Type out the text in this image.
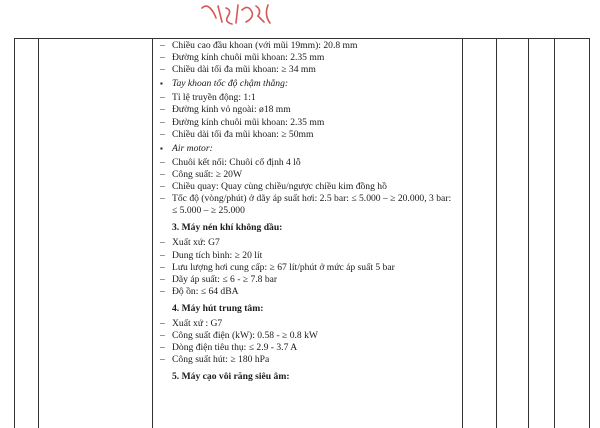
– Chiều cao đầu khoan (với mũi 19mm): 20.8 mm
– Đường kính chuôi mũi khoan: 2.35 mm
– Chiều dài tối đa mũi khoan: ≥ 34 mm
▪ Tay khoan tốc độ chậm thẳng:
– Tỉ lệ truyền động: 1:1
– Đường kính vỏ ngoài: ø18 mm
– Đường kính chuôi mũi khoan: 2.35 mm
– Chiều dài tối đa mũi khoan: ≥ 50mm
▪ Air motor:
– Chuôi kết nối: Chuôi cố định 4 lỗ
– Công suất: ≥ 20W
– Chiều quay: Quay cùng chiều/ngược chiều kim đồng hồ
– Tốc độ (vòng/phút) ở dãy áp suất hơi: 2.5 bar: ≤ 5.000 – ≥ 20.000, 3 bar: ≤ 5.000 – ≥ 25.000
3. Máy nén khí không dầu:
– Xuất xứ: G7
– Dung tích bình: ≥ 20 lít
– Lưu lượng hơi cung cấp: ≥ 67 lít/phút ở mức áp suất 5 bar
– Dãy áp suất: ≤ 6 - ≥ 7.8 bar
– Độ ồn: ≤ 64 dBA
4. Máy hút trung tâm:
– Xuất xứ : G7
– Công suất điện (kW): 0.58 - ≥ 0.8 kW
– Dòng điện tiêu thụ: ≤ 2.9 - 3.7 A
– Công suất hút: ≥ 180 hPa
5. Máy cạo vôi răng siêu âm:
